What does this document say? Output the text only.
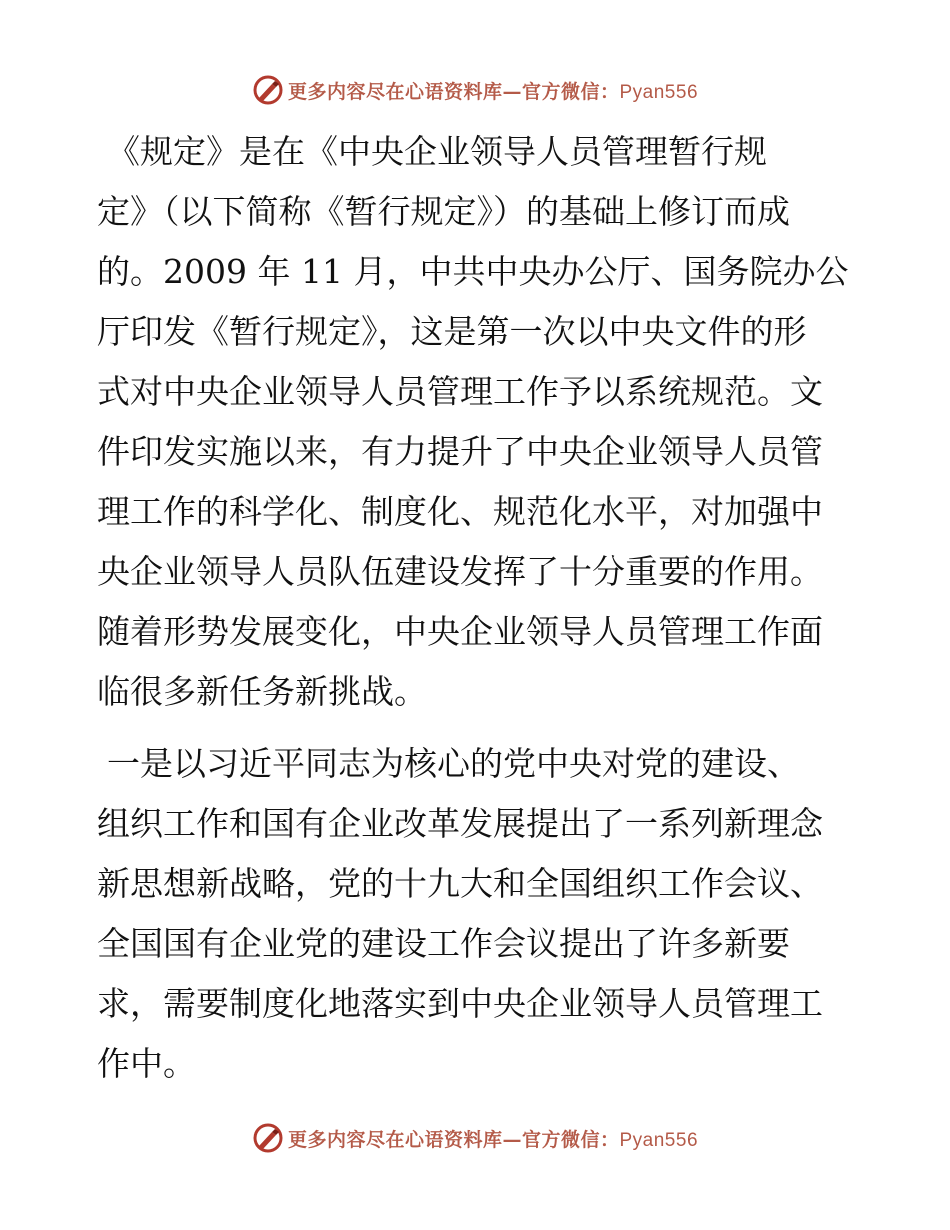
更多内容尽在心语资料库—官方微信：Pyan556

《规定》是在《中央企业领导人员管理暂行规

定》（以下简称《暂行规定》）的基础上修订而成

的。2009 年 11 月，中共中央办公厅、国务院办公

厅印发《暂行规定》，这是第一次以中央文件的形

式对中央企业领导人员管理工作予以系统规范。文

件印发实施以来，有力提升了中央企业领导人员管

理工作的科学化、制度化、规范化水平，对加强中

央企业领导人员队伍建设发挥了十分重要的作用。

随着形势发展变化，中央企业领导人员管理工作面

临很多新任务新挑战。

一是以习近平同志为核心的党中央对党的建设、

组织工作和国有企业改革发展提出了一系列新理念

新思想新战略，党的十九大和全国组织工作会议、

全国国有企业党的建设工作会议提出了许多新要

求，需要制度化地落实到中央企业领导人员管理工

作中。

更多内容尽在心语资料库—官方微信：Pyan556
